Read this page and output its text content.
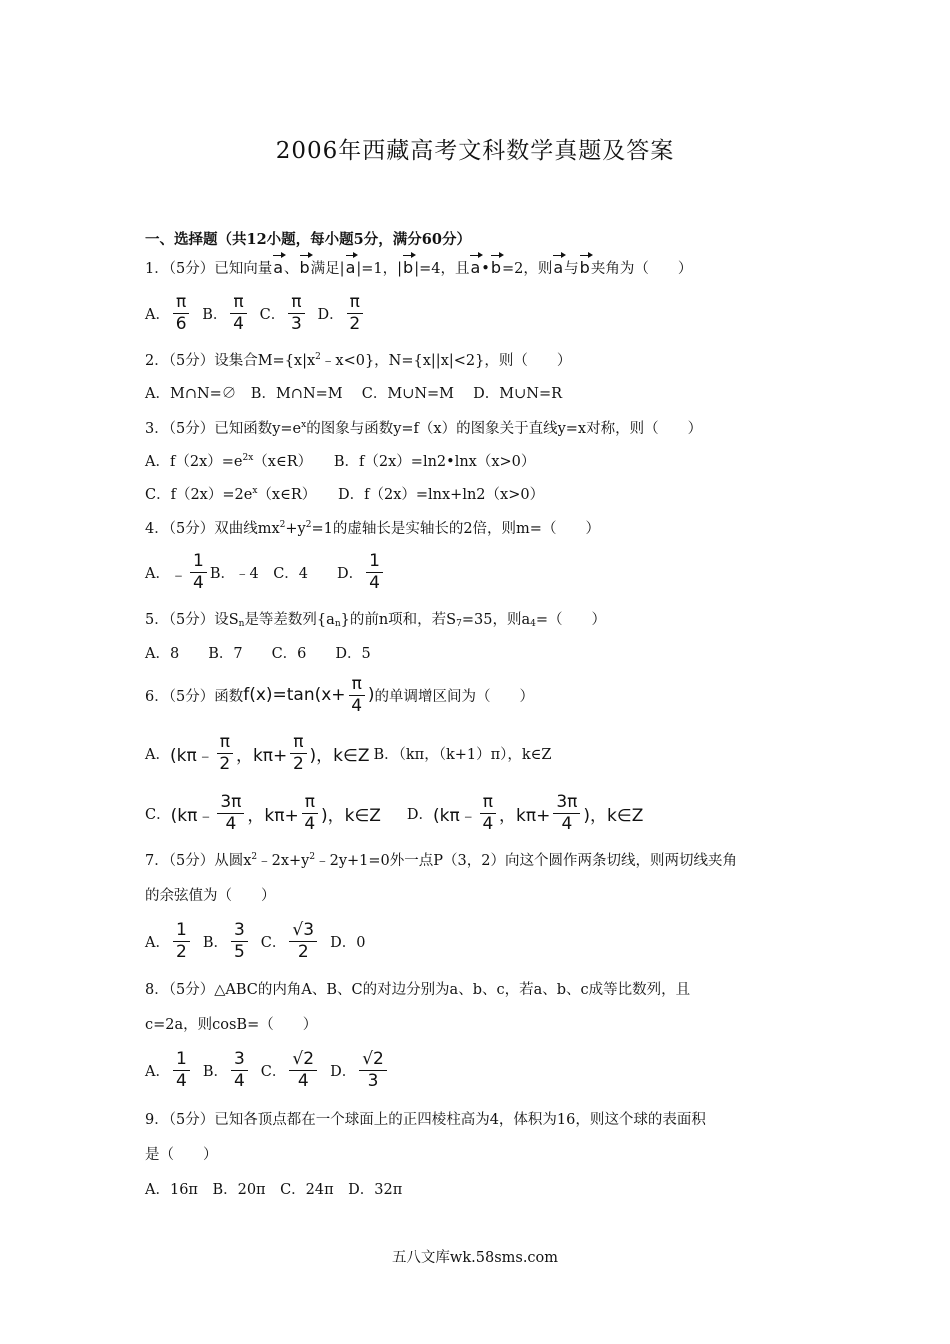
2006年西藏高考文科数学真题及答案
一、选择题（共12小题，每小题5分，满分60分）
1．（5分）已知向量a、b满足|a|=1，|b|=4，且a•b=2，则a与b夹角为（　　）
A． $\frac{\pi}{6}$ B． $\frac{\pi}{4}$ C． $\frac{\pi}{3}$ D． $\frac{\pi}{2}$
2．（5分）设集合$M=\{x|x^2﹣x<0\}$，N={x||x|<2}，则（　　）
A．M∩N=∅　B．M∩N=M　 C．M∪N=M　 D．M∪N=R
3．（5分）已知函数$y=e^x$的图象与函数y=f（x）的图象关于直线y=x对称，则（　　）
A．$f(2x)=e^{2x}(x\in R)$　　B．f（2x）=ln2•lnx（x>0）
C．$f(2x)=2e^x(x\in R)$　　D．f（2x）=lnx+ln2（x>0）
4．（5分）双曲线$mx^2+y^2=1$的虚轴长是实轴长的2倍，则m=（　　）
A． ﹣ $\frac{1}{4}$ B．﹣4　C．4　　D． $\frac{1}{4}$
5．（5分）设$S_n$是等差数列$\{a_n\}$的前n项和，若$S_7=35$，则$a_4=$（　　）
A．8　　B．7　　C．6　　D．5
6．（5分）函数 $f(x)=\tan(x+ \frac{\pi}{4}$ ) 的单调增区间为（　　）
A． (kπ﹣ $\frac{\pi}{2}$ ，$k\pi+ \frac{\pi}{2}$ )，k∈Z B．（kπ，（k+1）π），k∈Z
C． (kπ﹣ $\frac{3\pi}{4}$ ，$k\pi+ \frac{\pi}{4}$ )，k∈Z D． (kπ﹣ $\frac{\pi}{4}$ ，$k\pi+ \frac{3\pi}{4}$ )，k∈Z
7．（5分）从圆$x^2﹣2x+y^2﹣2y+1=0$外一点P（3，2）向这个圆作两条切线，则两切线夹角
的余弦值为（　　）
A． $\frac{1}{2}$ B． $\frac{3}{5}$ C． $\frac{√3}{2}$ D．0
8．（5分）△ABC的内角A、B、C的对边分别为a、b、c，若a、b、c成等比数列，且
c=2a，则cosB=（　　）
A． $\frac{1}{4}$ B． $\frac{3}{4}$ C． $\frac{√2}{4}$ D． $\frac{√2}{3}$
9．（5分）已知各顶点都在一个球面上的正四棱柱高为4，体积为16，则这个球的表面积
是（　　）
A．16π　B．20π　C．24π　D．32π
五八文库wk.58sms.com
